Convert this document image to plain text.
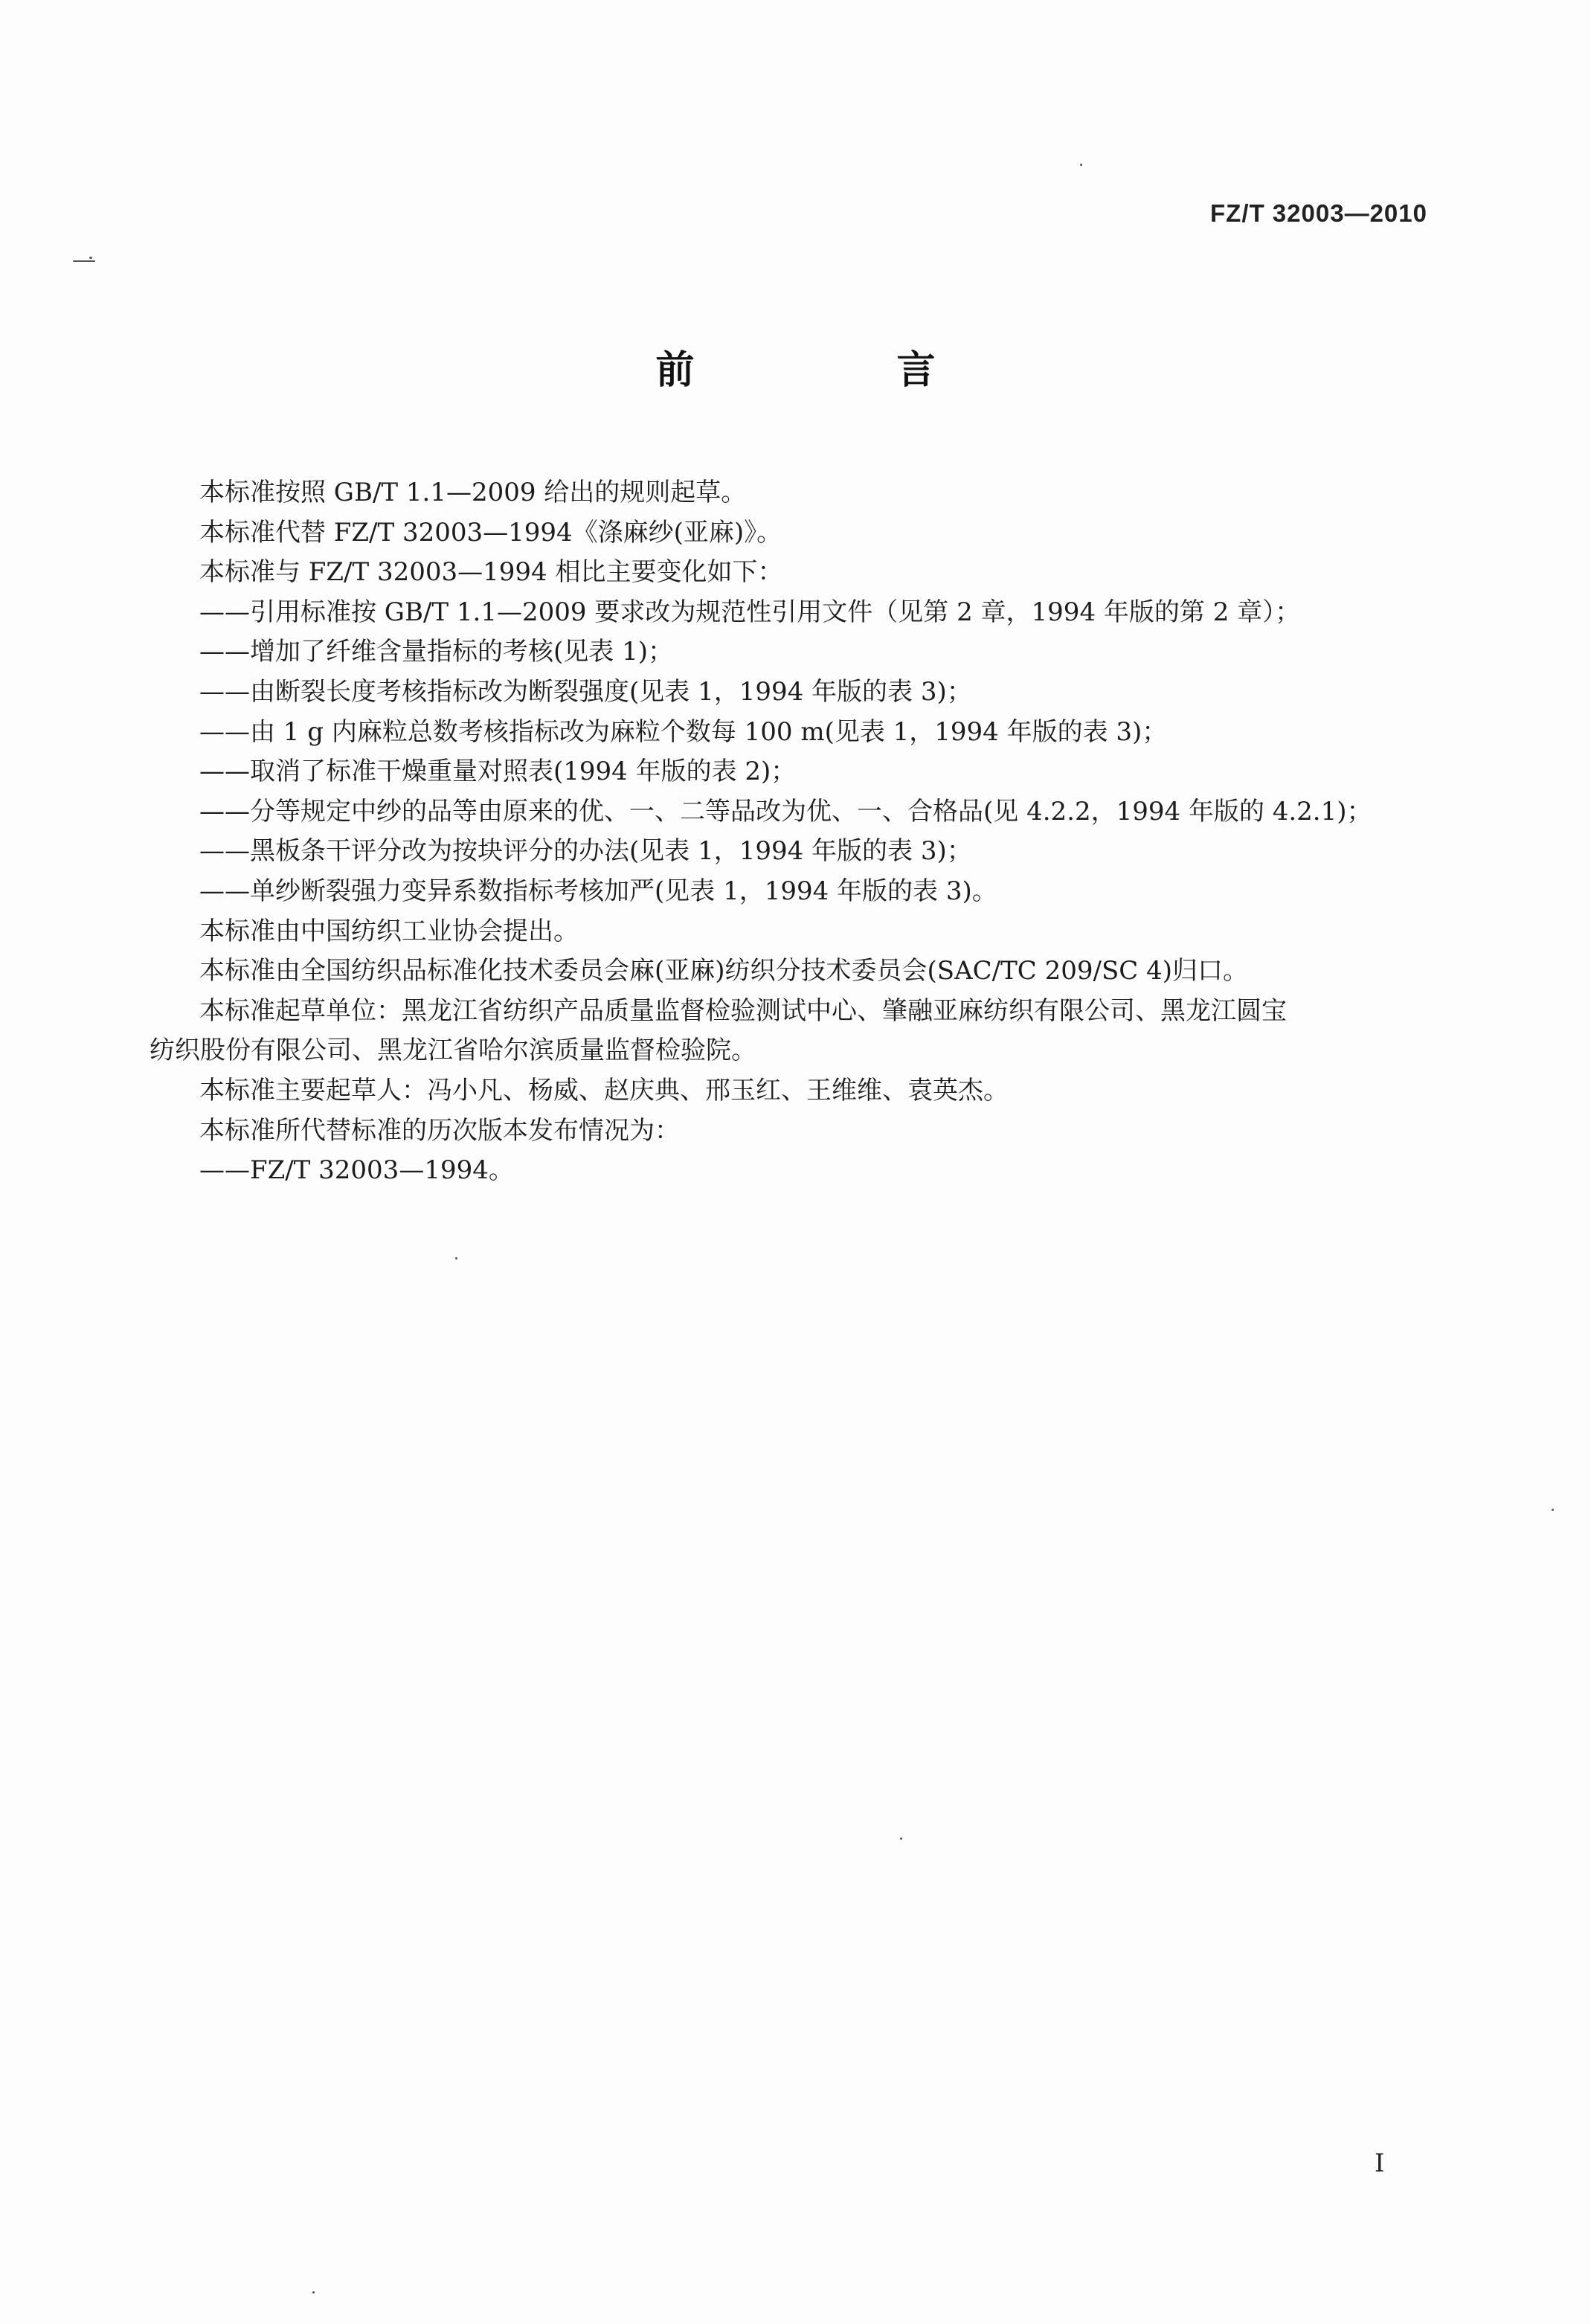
FZ/T 32003—2010
前　言

本标准按照 GB/T 1.1—2009 给出的规则起草。

本标准代替 FZ/T 32003—1994《涤麻纱(亚麻)》。

本标准与 FZ/T 32003—1994 相比主要变化如下：

——引用标准按 GB/T 1.1—2009 要求改为规范性引用文件（见第 2 章，1994 年版的第 2 章）；

——增加了纤维含量指标的考核(见表 1)；

——由断裂长度考核指标改为断裂强度(见表 1，1994 年版的表 3)；

——由 1 g 内麻粒总数考核指标改为麻粒个数每 100 m(见表 1，1994 年版的表 3)；

——取消了标准干燥重量对照表(1994 年版的表 2)；

——分等规定中纱的品等由原来的优、一、二等品改为优、一、合格品(见 4.2.2，1994 年版的 4.2.1)；

——黑板条干评分改为按块评分的办法(见表 1，1994 年版的表 3)；

——单纱断裂强力变异系数指标考核加严(见表 1，1994 年版的表 3)。

本标准由中国纺织工业协会提出。

本标准由全国纺织品标准化技术委员会麻(亚麻)纺织分技术委员会(SAC/TC 209/SC 4)归口。

本标准起草单位：黑龙江省纺织产品质量监督检验测试中心、肇融亚麻纺织有限公司、黑龙江圆宝

纺织股份有限公司、黑龙江省哈尔滨质量监督检验院。

本标准主要起草人：冯小凡、杨威、赵庆典、邢玉红、王维维、袁英杰。

本标准所代替标准的历次版本发布情况为：

——FZ/T 32003—1994。

I
